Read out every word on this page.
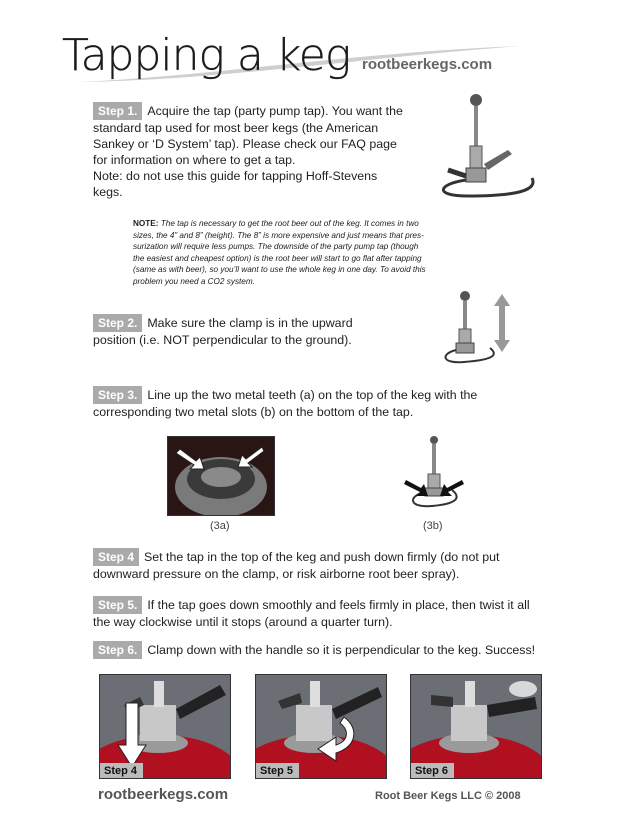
Tapping a keg rootbeerkegs.com
Step 1. Acquire the tap (party pump tap). You want the
standard tap used for most beer kegs (the American
Sankey or ‘D System’ tap). Please check our FAQ page
for information on where to get a tap.
Note: do not use this guide for tapping Hoff-Stevens
kegs.
NOTE: The tap is necessary to get the root beer out of the keg. It comes in two
sizes, the 4” and 8” (height). The 8” is more expensive and just means that pres-
surization will require less pumps. The downside of the party pump tap (though
the easiest and cheapest option) is the root beer will start to go flat after tapping
(same as with beer), so you’ll want to use the whole keg in one day. To avoid this
problem you need a CO2 system.
Step 2. Make sure the clamp is in the upward
position (i.e. NOT perpendicular to the ground).
Step 3. Line up the two metal teeth (a) on the top of the keg with the
corresponding two metal slots (b) on the bottom of the tap.
(3a)	(3b)
Step 4 Set the tap in the top of the keg and push down firmly (do not put
downward pressure on the clamp, or risk airborne root beer spray).
Step 5. If the tap goes down smoothly and feels firmly in place, then twist it all
the way clockwise until it stops (around a quarter turn).
Step 6. Clamp down with the handle so it is perpendicular to the keg. Success!
Step 4	Step 5	Step 6
rootbeerkegs.com	Root Beer Kegs LLC © 2008
